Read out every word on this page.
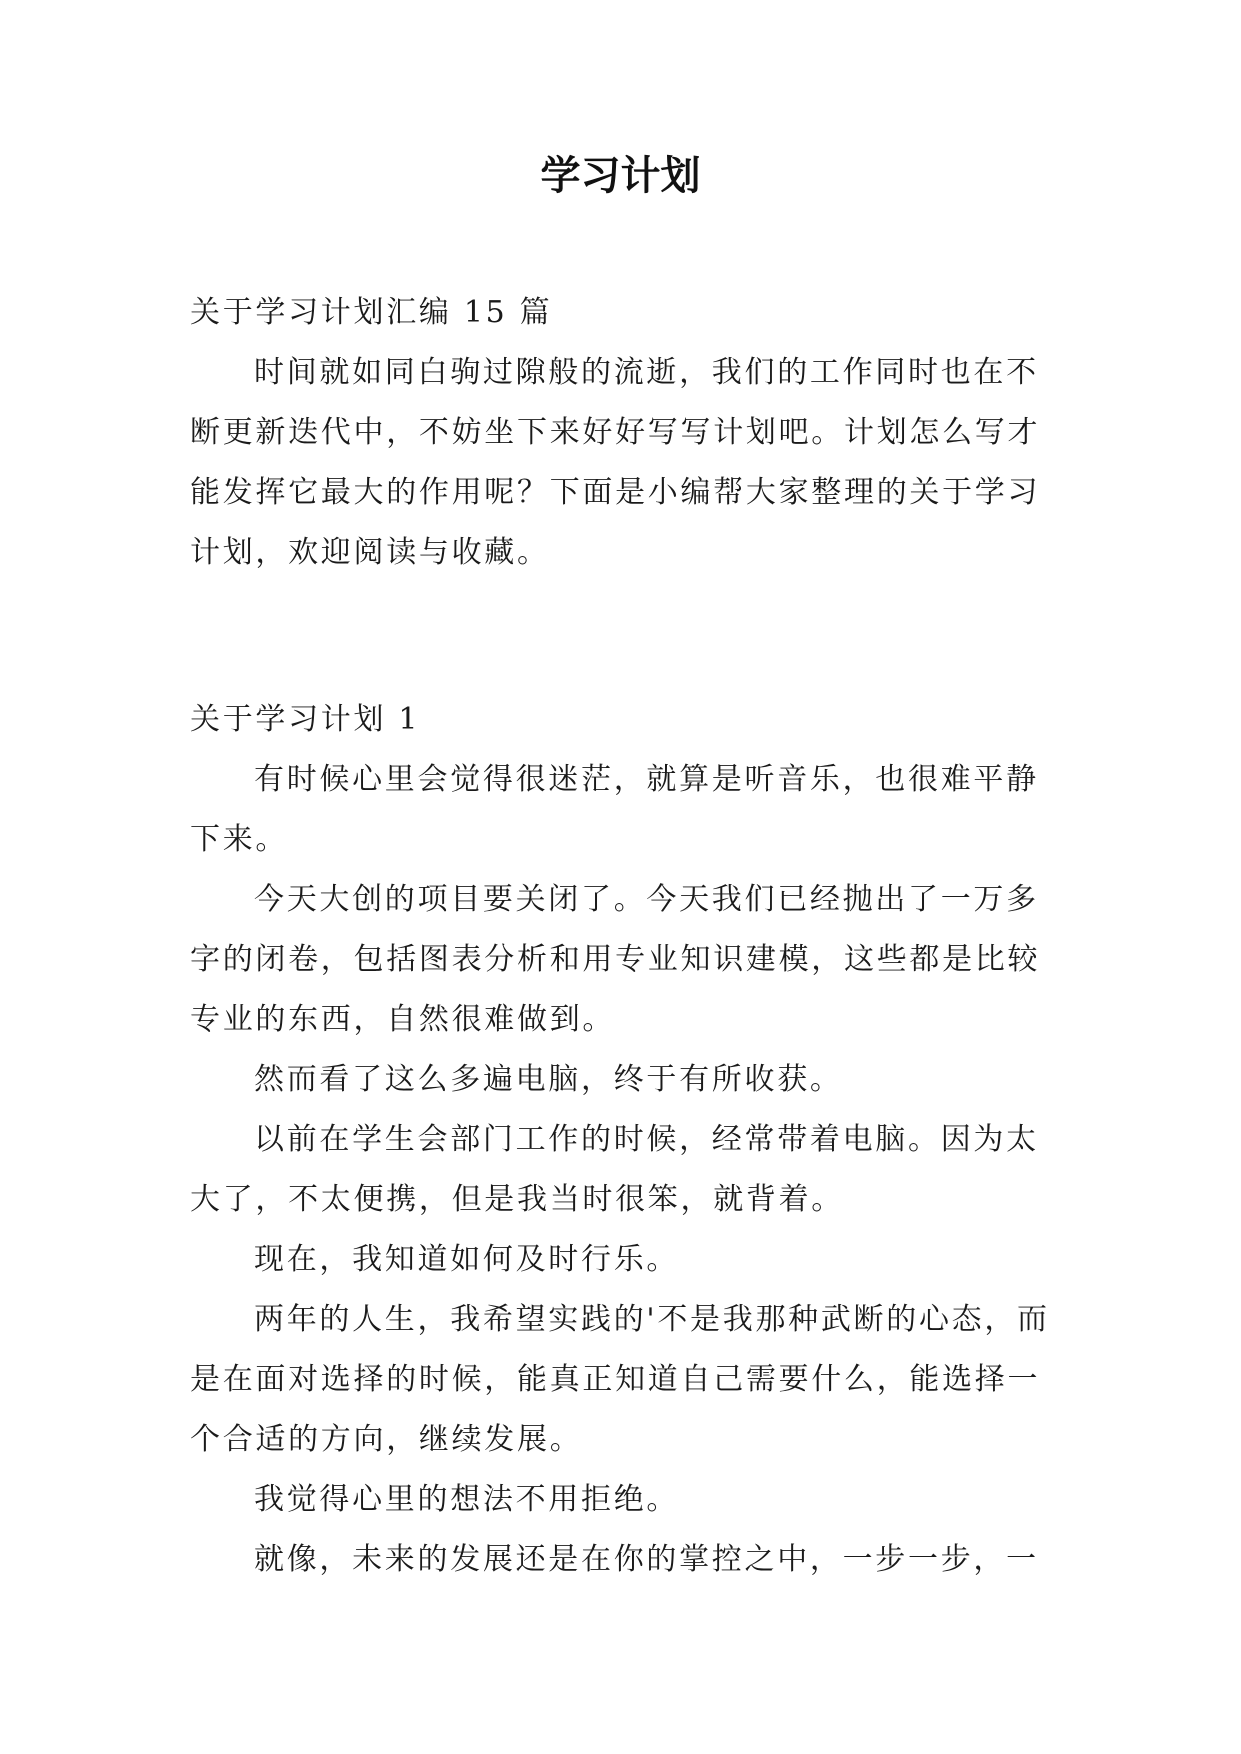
学习计划

关于学习计划汇编 15 篇

时间就如同白驹过隙般的流逝，我们的工作同时也在不断更新迭代中，不妨坐下来好好写写计划吧。计划怎么写才能发挥它最大的作用呢？下面是小编帮大家整理的关于学习计划，欢迎阅读与收藏。

关于学习计划 1

有时候心里会觉得很迷茫，就算是听音乐，也很难平静下来。

今天大创的项目要关闭了。今天我们已经抛出了一万多字的闭卷，包括图表分析和用专业知识建模，这些都是比较专业的东西，自然很难做到。

然而看了这么多遍电脑，终于有所收获。

以前在学生会部门工作的时候，经常带着电脑。因为太大了，不太便携，但是我当时很笨，就背着。

现在，我知道如何及时行乐。

两年的人生，我希望实践的'不是我那种武断的心态，而是在面对选择的时候，能真正知道自己需要什么，能选择一个合适的方向，继续发展。

我觉得心里的想法不用拒绝。

就像，未来的发展还是在你的掌控之中，一步一步，一
